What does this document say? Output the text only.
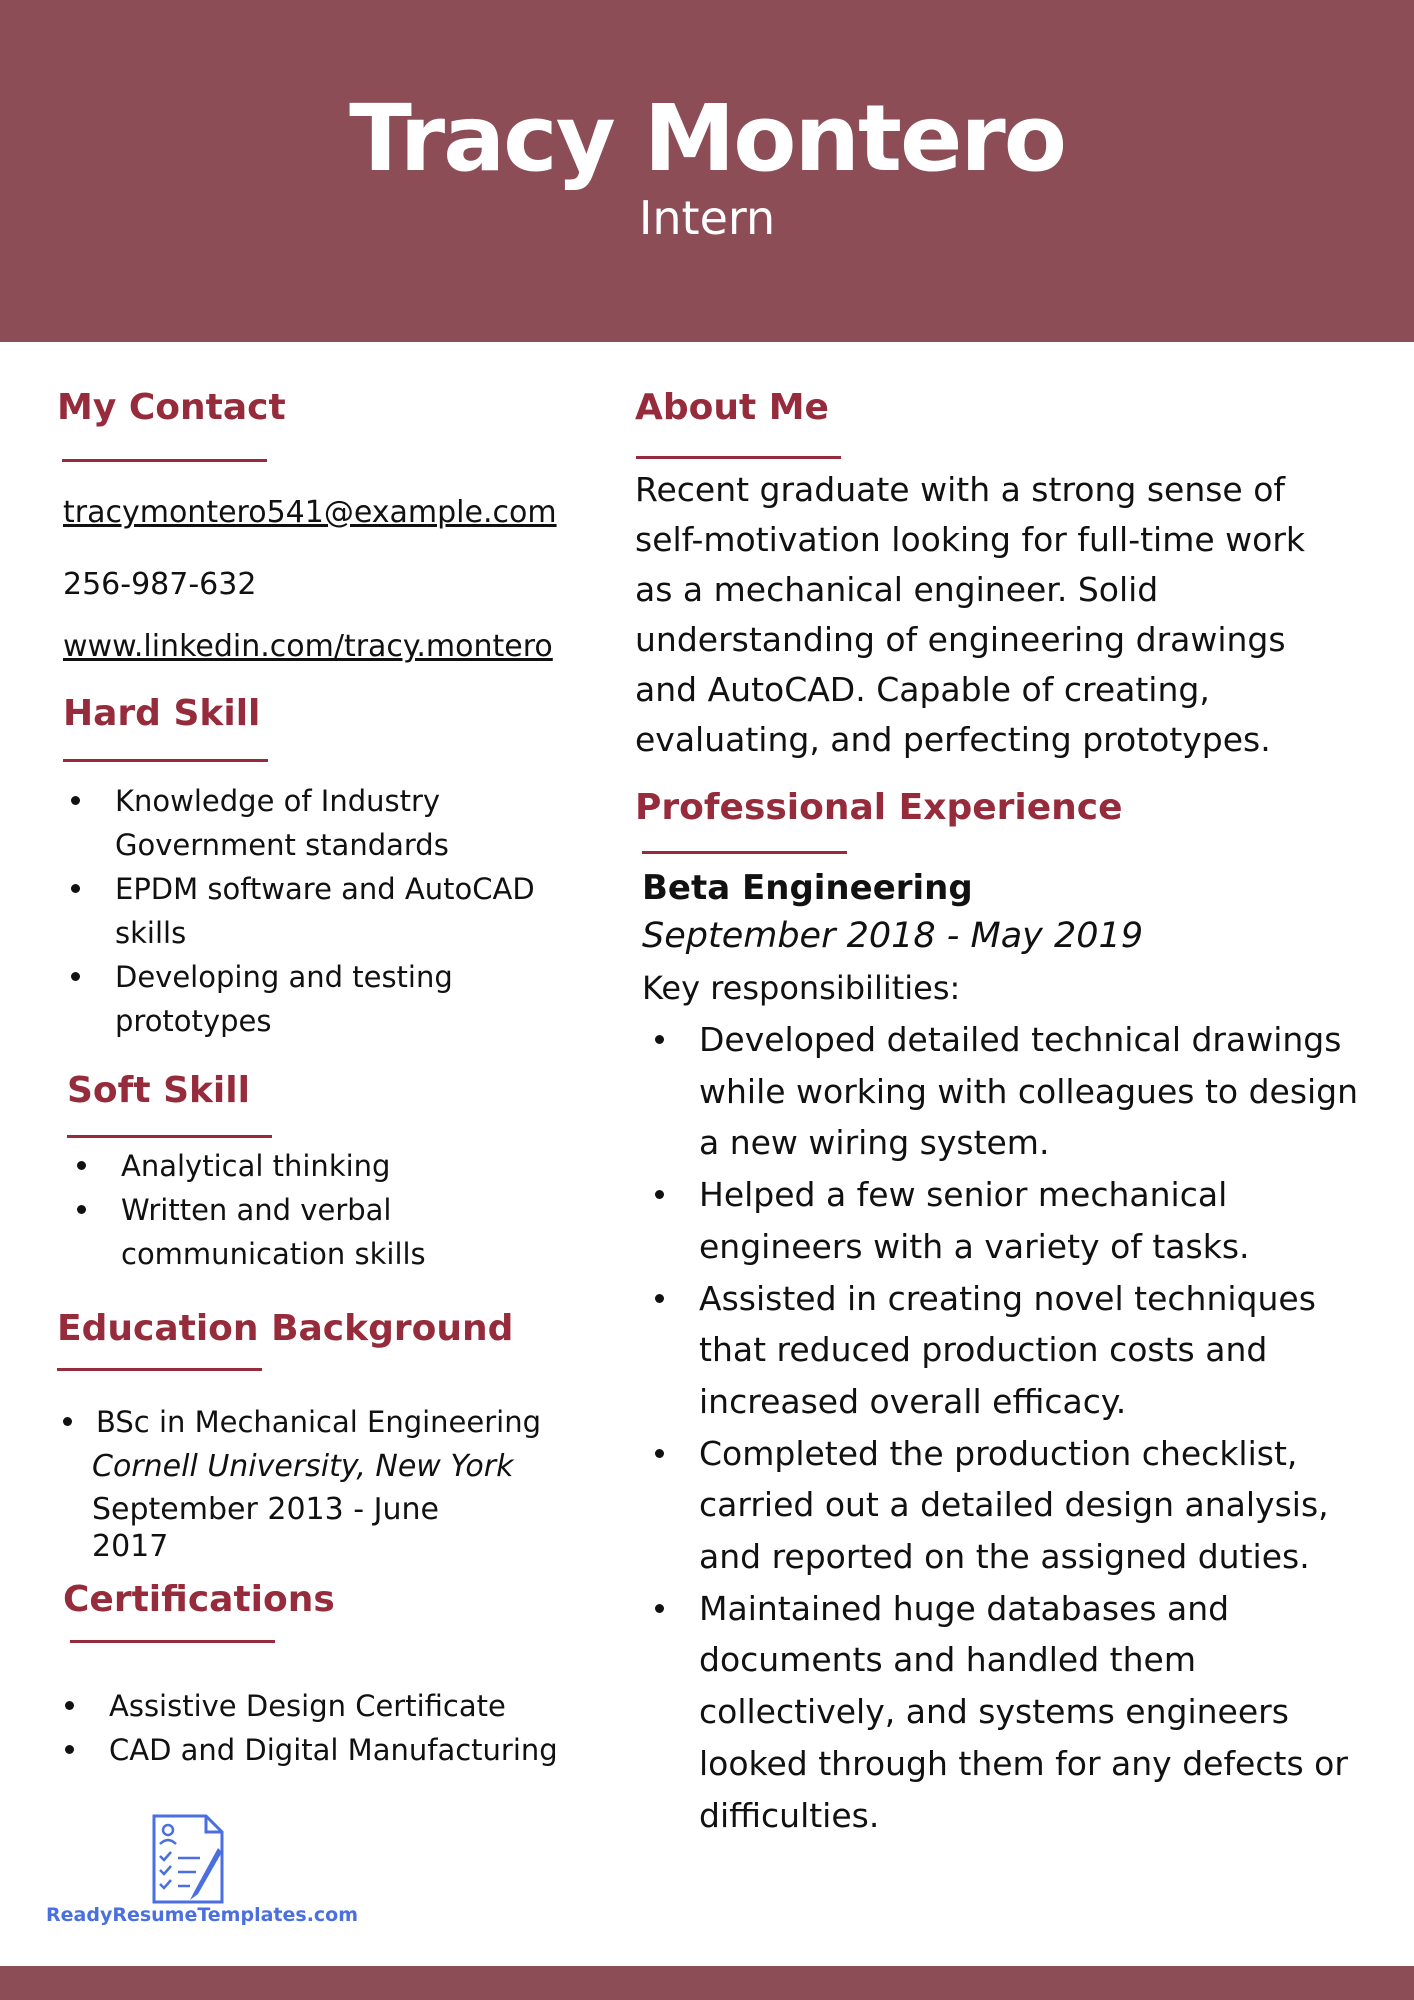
Tracy Montero
Intern
My Contact
tracymontero541@example.com
256-987-632
www.linkedin.com/tracy.montero
Hard Skill
Knowledge of Industry
Government standards
EPDM software and AutoCAD
skills
Developing and testing
prototypes
Soft Skill
Analytical thinking
Written and verbal
communication skills
Education Background
BSc in Mechanical Engineering
Cornell University, New York
September 2013 - June
2017
Certifications
Assistive Design Certificate
CAD and Digital Manufacturing
About Me
Recent graduate with a strong sense of
self-motivation looking for full-time work
as a mechanical engineer. Solid
understanding of engineering drawings
and AutoCAD. Capable of creating,
evaluating, and perfecting prototypes.
Professional Experience
Beta Engineering
September 2018 - May 2019
Key responsibilities:
Developed detailed technical drawings
while working with colleagues to design
a new wiring system.
Helped a few senior mechanical
engineers with a variety of tasks.
Assisted in creating novel techniques
that reduced production costs and
increased overall efficacy.
Completed the production checklist,
carried out a detailed design analysis,
and reported on the assigned duties.
Maintained huge databases and
documents and handled them
collectively, and systems engineers
looked through them for any defects or
difficulties.
ReadyResumeTemplates.com
